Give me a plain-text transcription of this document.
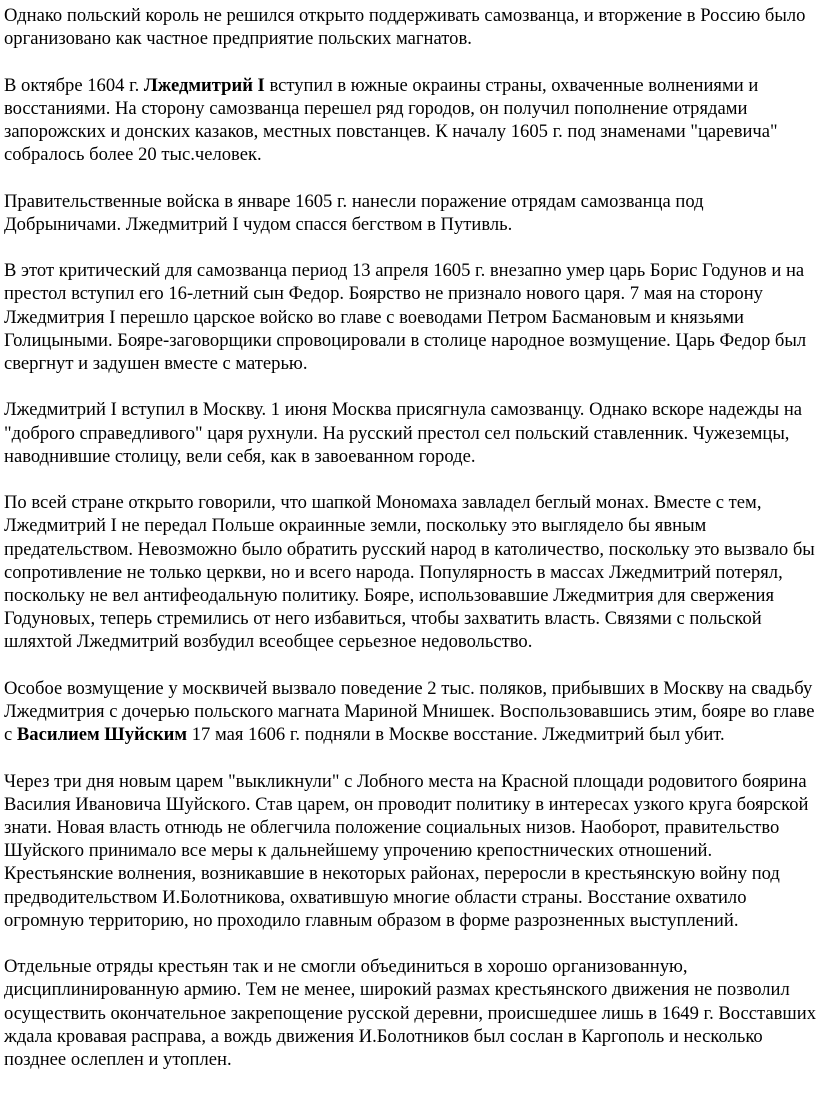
Однако польский король не решился открыто поддерживать самозванца, и вторжение в Россию было организовано как частное предприятие польских магнатов.

В октябре 1604 г. Лжедмитрий I вступил в южные окраины страны, охваченные волнениями и восстаниями. На сторону самозванца перешел ряд городов, он получил пополнение отрядами запорожских и донских казаков, местных повстанцев. К началу 1605 г. под знаменами "царевича" собралось более 20 тыс.человек.

Правительственные войска в январе 1605 г. нанесли поражение отрядам самозванца под Добрыничами. Лжедмитрий I чудом спасся бегством в Путивль.

В этот критический для самозванца период 13 апреля 1605 г. внезапно умер царь Борис Годунов и на престол вступил его 16-летний сын Федор. Боярство не признало нового царя. 7 мая на сторону Лжедмитрия I перешло царское войско во главе с воеводами Петром Басмановым и князьями Голицыными. Бояре-заговорщики спровоцировали в столице народное возмущение. Царь Федор был свергнут и задушен вместе с матерью.

Лжедмитрий I вступил в Москву. 1 июня Москва присягнула самозванцу. Однако вскоре надежды на "доброго справедливого" царя рухнули. На русский престол сел польский ставленник. Чужеземцы, наводнившие столицу, вели себя, как в завоеванном городе.

По всей стране открыто говорили, что шапкой Мономаха завладел беглый монах. Вместе с тем, Лжедмитрий I не передал Польше окраинные земли, поскольку это выглядело бы явным предательством. Невозможно было обратить русский народ в католичество, поскольку это вызвало бы сопротивление не только церкви, но и всего народа. Популярность в массах Лжедмитрий потерял, поскольку не вел антифеодальную политику. Бояре, использовавшие Лжедмитрия для свержения Годуновых, теперь стремились от него избавиться, чтобы захватить власть. Связями с польской шляхтой Лжедмитрий возбудил всеобщее серьезное недовольство.

Особое возмущение у москвичей вызвало поведение 2 тыс. поляков, прибывших в Москву на свадьбу Лжедмитрия с дочерью польского магната Мариной Мнишек. Воспользовавшись этим, бояре во главе с Василием Шуйским 17 мая 1606 г. подняли в Москве восстание. Лжедмитрий был убит.

Через три дня новым царем "выкликнули" с Лобного места на Красной площади родовитого боярина Василия Ивановича Шуйского. Став царем, он проводит политику в интересах узкого круга боярской знати. Новая власть отнюдь не облегчила положение социальных низов. Наоборот, правительство Шуйского принимало все меры к дальнейшему упрочению крепостнических отношений. Крестьянские волнения, возникавшие в некоторых районах, переросли в крестьянскую войну под предводительством И.Болотникова, охватившую многие области страны. Восстание охватило огромную территорию, но проходило главным образом в форме разрозненных выступлений.

Отдельные отряды крестьян так и не смогли объединиться в хорошо организованную, дисциплинированную армию. Тем не менее, широкий размах крестьянского движения не позволил осуществить окончательное закрепощение русской деревни, происшедшее лишь в 1649 г. Восставших ждала кровавая расправа, а вождь движения И.Болотников был сослан в Каргополь и несколько позднее ослеплен и утоплен.
